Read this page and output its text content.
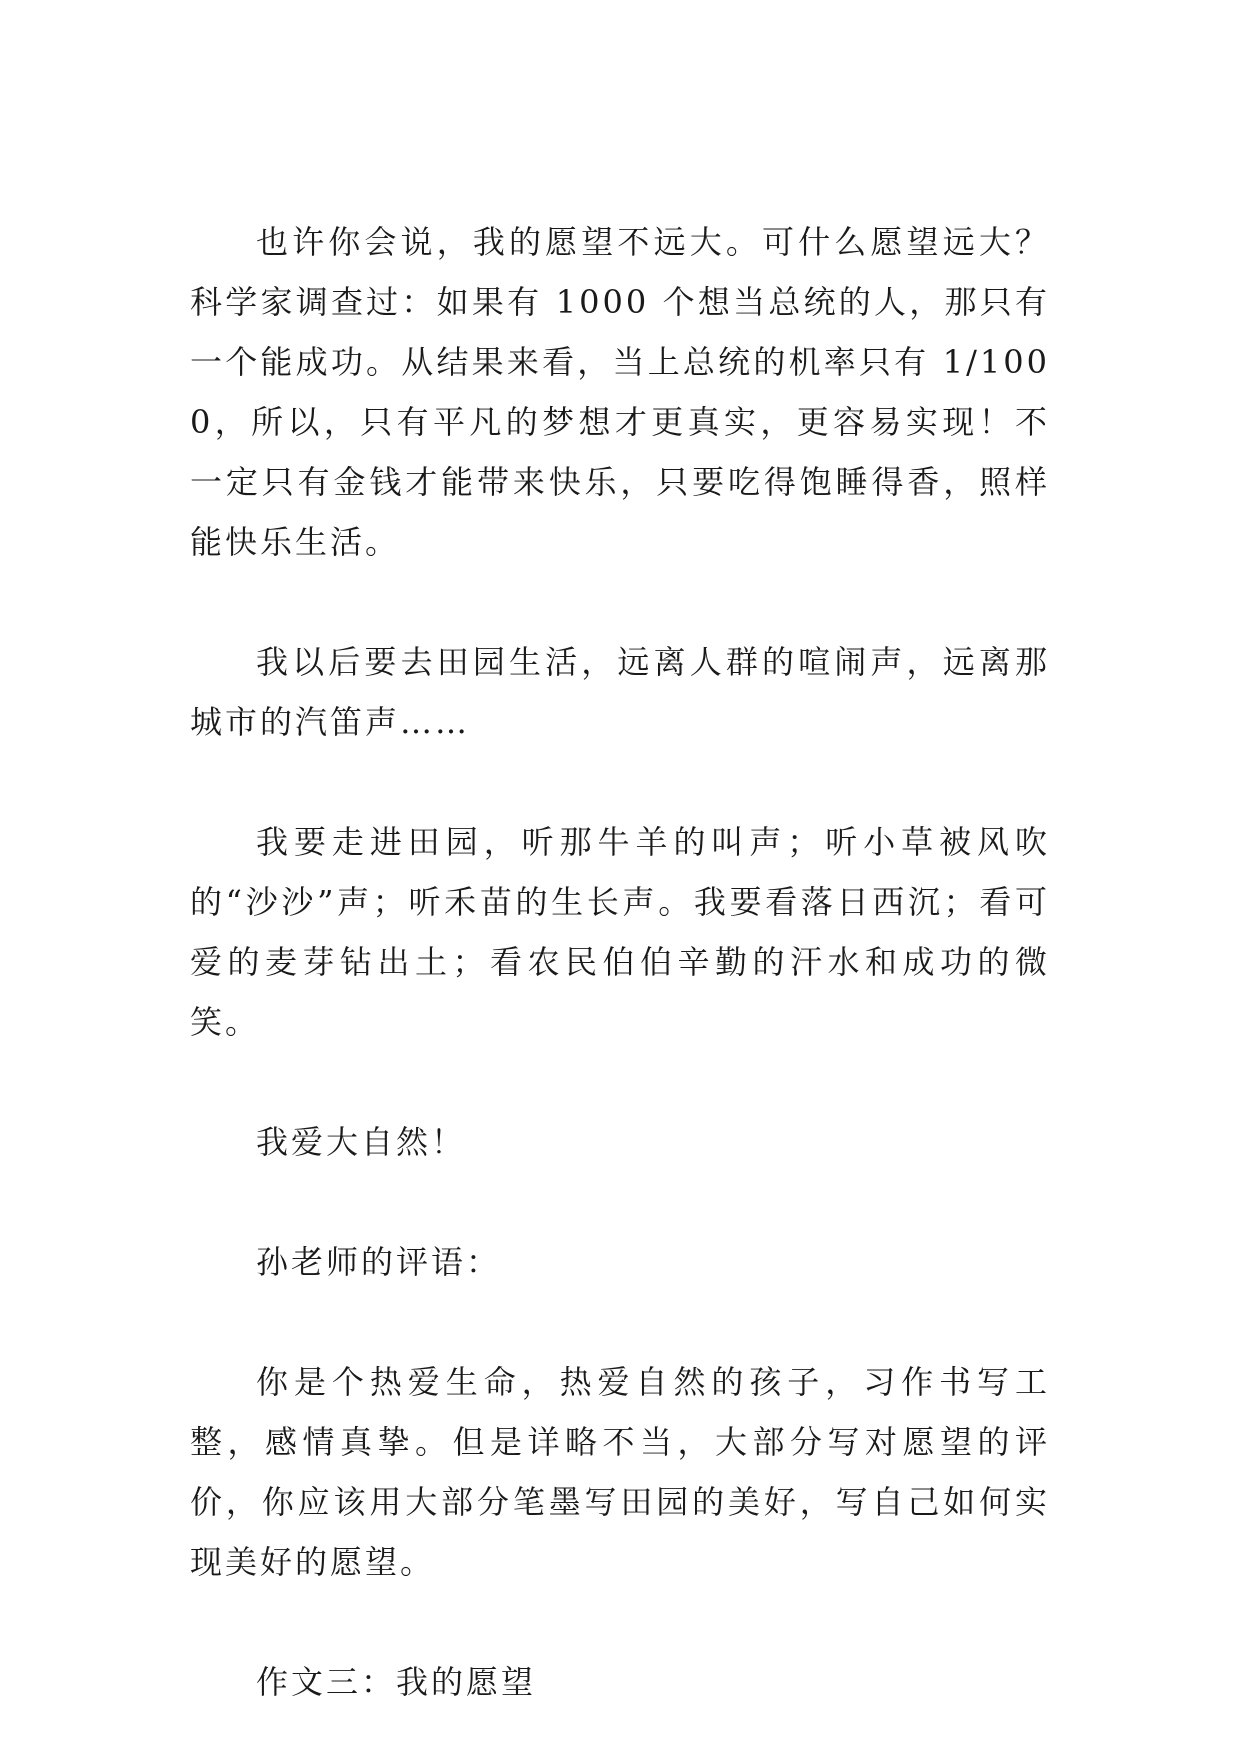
也许你会说，我的愿望不远大。可什么愿望远大？科学家调查过：如果有 1000 个想当总统的人，那只有一个能成功。从结果来看，当上总统的机率只有 1/1000，所以，只有平凡的梦想才更真实，更容易实现！不一定只有金钱才能带来快乐，只要吃得饱睡得香，照样能快乐生活。

我以后要去田园生活，远离人群的喧闹声，远离那城市的汽笛声……

我要走进田园，听那牛羊的叫声；听小草被风吹的“沙沙”声；听禾苗的生长声。我要看落日西沉；看可爱的麦芽钻出土；看农民伯伯辛勤的汗水和成功的微笑。

我爱大自然！

孙老师的评语：

你是个热爱生命，热爱自然的孩子，习作书写工整，感情真挚。但是详略不当，大部分写对愿望的评价，你应该用大部分笔墨写田园的美好，写自己如何实现美好的愿望。

作文三：我的愿望
